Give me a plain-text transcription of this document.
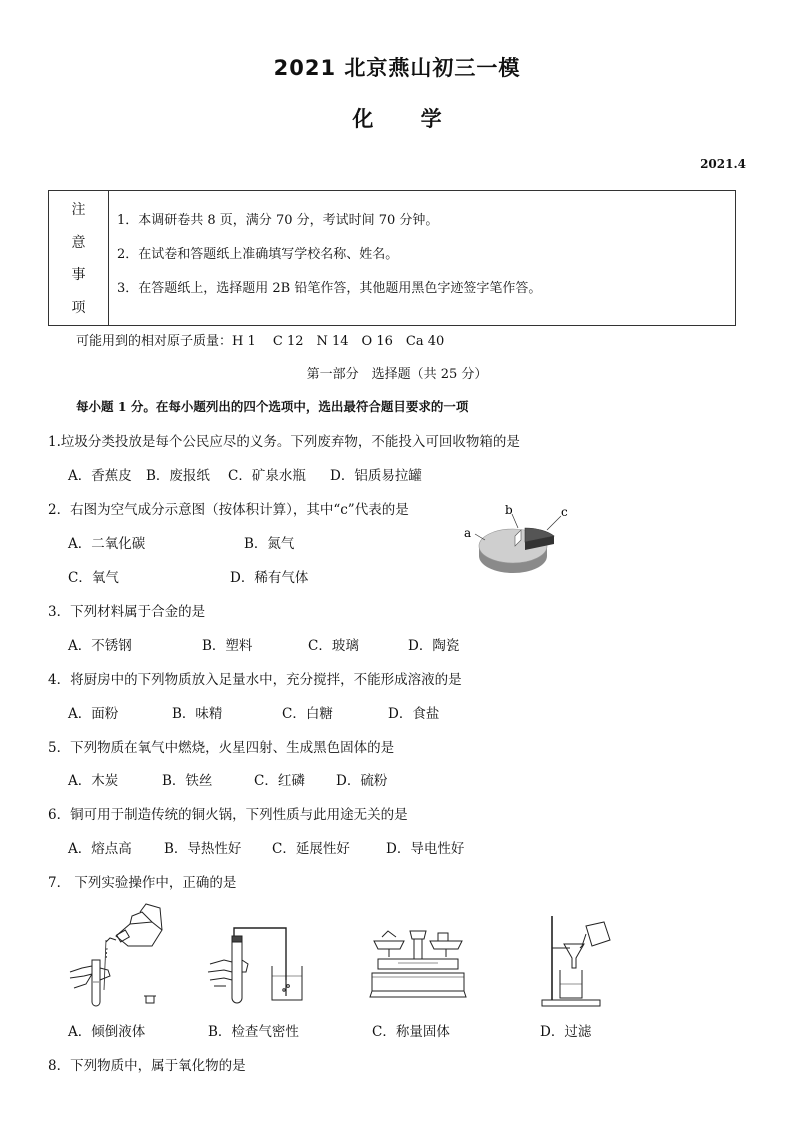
2021 北京燕山初三一模
化 学
2021.4
注
意
事
项
1．本调研卷共 8 页，满分 70 分，考试时间 70 分钟。
2．在试卷和答题纸上准确填写学校名称、姓名。
3．在答题纸上，选择题用 2B 铅笔作答，其他题用黑色字迹签字笔作答。
可能用到的相对原子质量：H 1　 C 12　N 14　O 16　Ca 40
第一部分　选择题（共 25 分）
每小题 1 分。在每小题列出的四个选项中，选出最符合题目要求的一项
1.垃圾分类投放是每个公民应尽的义务。下列废弃物，不能投入可回收物箱的是
A．香蕉皮 B．废报纸 C．矿泉水瓶 D．铝质易拉罐
2．右图为空气成分示意图（按体积计算），其中“c”代表的是
A．二氧化碳	B．氮气
C．氧气	D．稀有气体
a
b	c
3．下列材料属于合金的是
A．不锈钢	B．塑料	C．玻璃	D．陶瓷
4．将厨房中的下列物质放入足量水中，充分搅拌，不能形成溶液的是
A．面粉	B．味精	C．白糖	D．食盐
5．下列物质在氧气中燃烧，火星四射、生成黑色固体的是
A．木炭	B．铁丝	C．红磷 D．硫粉
6．铜可用于制造传统的铜火锅，下列性质与此用途无关的是
A．熔点高 B．导热性好 C．延展性好	D．导电性好
7． 下列实验操作中，正确的是
A．倾倒液体	B．检查气密性	C．称量固体	D．过滤
8．下列物质中，属于氧化物的是
